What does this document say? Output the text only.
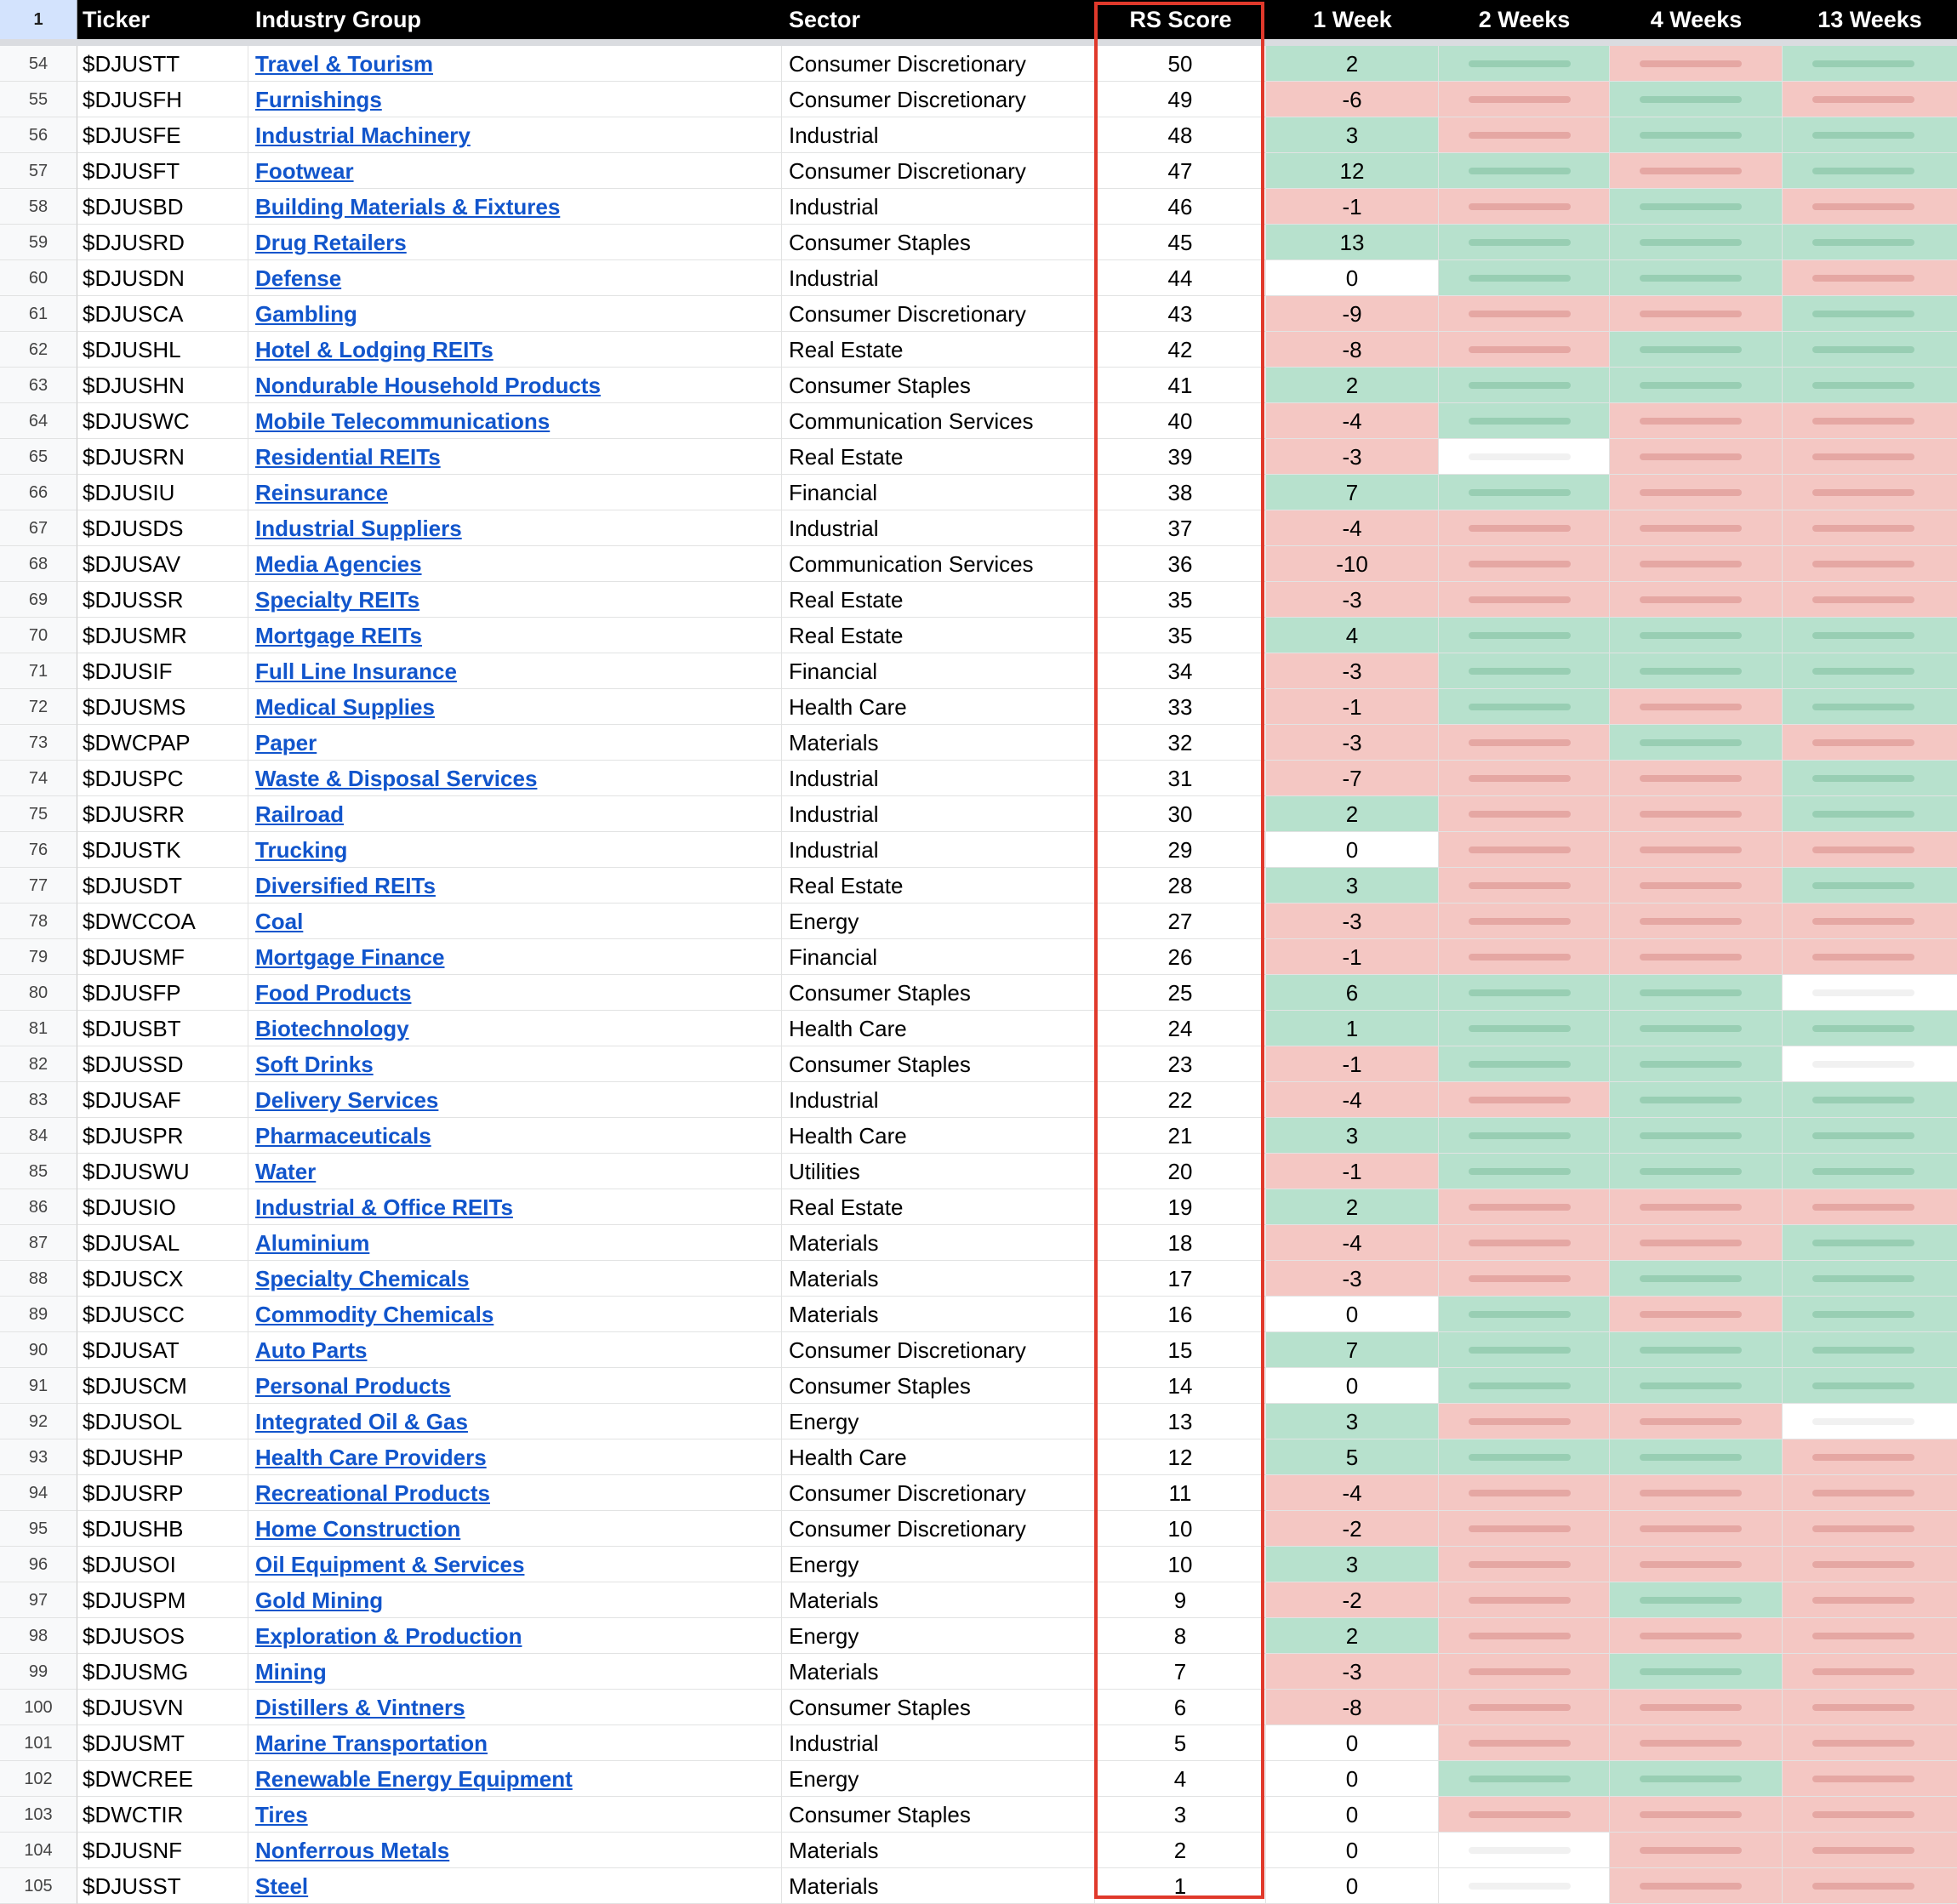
1	Ticker	Industry Group	Sector	RS Score	1 Week	2 Weeks	4 Weeks	13 Weeks
54	$DJUSTT	Travel & Tourism	Consumer Discretionary	50	2
55	$DJUSFH	Furnishings	Consumer Discretionary	49	-6
56	$DJUSFE	Industrial Machinery	Industrial	48	3
57	$DJUSFT	Footwear	Consumer Discretionary	47	12
58	$DJUSBD	Building Materials & Fixtures	Industrial	46	-1
59	$DJUSRD	Drug Retailers	Consumer Staples	45	13
60	$DJUSDN	Defense	Industrial	44	0
61	$DJUSCA	Gambling	Consumer Discretionary	43	-9
62	$DJUSHL	Hotel & Lodging REITs	Real Estate	42	-8
63	$DJUSHN	Nondurable Household Products	Consumer Staples	41	2
64	$DJUSWC	Mobile Telecommunications	Communication Services	40	-4
65	$DJUSRN	Residential REITs	Real Estate	39	-3
66	$DJUSIU	Reinsurance	Financial	38	7
67	$DJUSDS	Industrial Suppliers	Industrial	37	-4
68	$DJUSAV	Media Agencies	Communication Services	36	-10
69	$DJUSSR	Specialty REITs	Real Estate	35	-3
70	$DJUSMR	Mortgage REITs	Real Estate	35	4
71	$DJUSIF	Full Line Insurance	Financial	34	-3
72	$DJUSMS	Medical Supplies	Health Care	33	-1
73	$DWCPAP	Paper	Materials	32	-3
74	$DJUSPC	Waste & Disposal Services	Industrial	31	-7
75	$DJUSRR	Railroad	Industrial	30	2
76	$DJUSTK	Trucking	Industrial	29	0
77	$DJUSDT	Diversified REITs	Real Estate	28	3
78	$DWCCOA	Coal	Energy	27	-3
79	$DJUSMF	Mortgage Finance	Financial	26	-1
80	$DJUSFP	Food Products	Consumer Staples	25	6
81	$DJUSBT	Biotechnology	Health Care	24	1
82	$DJUSSD	Soft Drinks	Consumer Staples	23	-1
83	$DJUSAF	Delivery Services	Industrial	22	-4
84	$DJUSPR	Pharmaceuticals	Health Care	21	3
85	$DJUSWU	Water	Utilities	20	-1
86	$DJUSIO	Industrial & Office REITs	Real Estate	19	2
87	$DJUSAL	Aluminium	Materials	18	-4
88	$DJUSCX	Specialty Chemicals	Materials	17	-3
89	$DJUSCC	Commodity Chemicals	Materials	16	0
90	$DJUSAT	Auto Parts	Consumer Discretionary	15	7
91	$DJUSCM	Personal Products	Consumer Staples	14	0
92	$DJUSOL	Integrated Oil & Gas	Energy	13	3
93	$DJUSHP	Health Care Providers	Health Care	12	5
94	$DJUSRP	Recreational Products	Consumer Discretionary	11	-4
95	$DJUSHB	Home Construction	Consumer Discretionary	10	-2
96	$DJUSOI	Oil Equipment & Services	Energy	10	3
97	$DJUSPM	Gold Mining	Materials	9	-2
98	$DJUSOS	Exploration & Production	Energy	8	2
99	$DJUSMG	Mining	Materials	7	-3
100	$DJUSVN	Distillers & Vintners	Consumer Staples	6	-8
101	$DJUSMT	Marine Transportation	Industrial	5	0
102	$DWCREE	Renewable Energy Equipment	Energy	4	0
103	$DWCTIR	Tires	Consumer Staples	3	0
104	$DJUSNF	Nonferrous Metals	Materials	2	0
105	$DJUSST	Steel	Materials	1	0
